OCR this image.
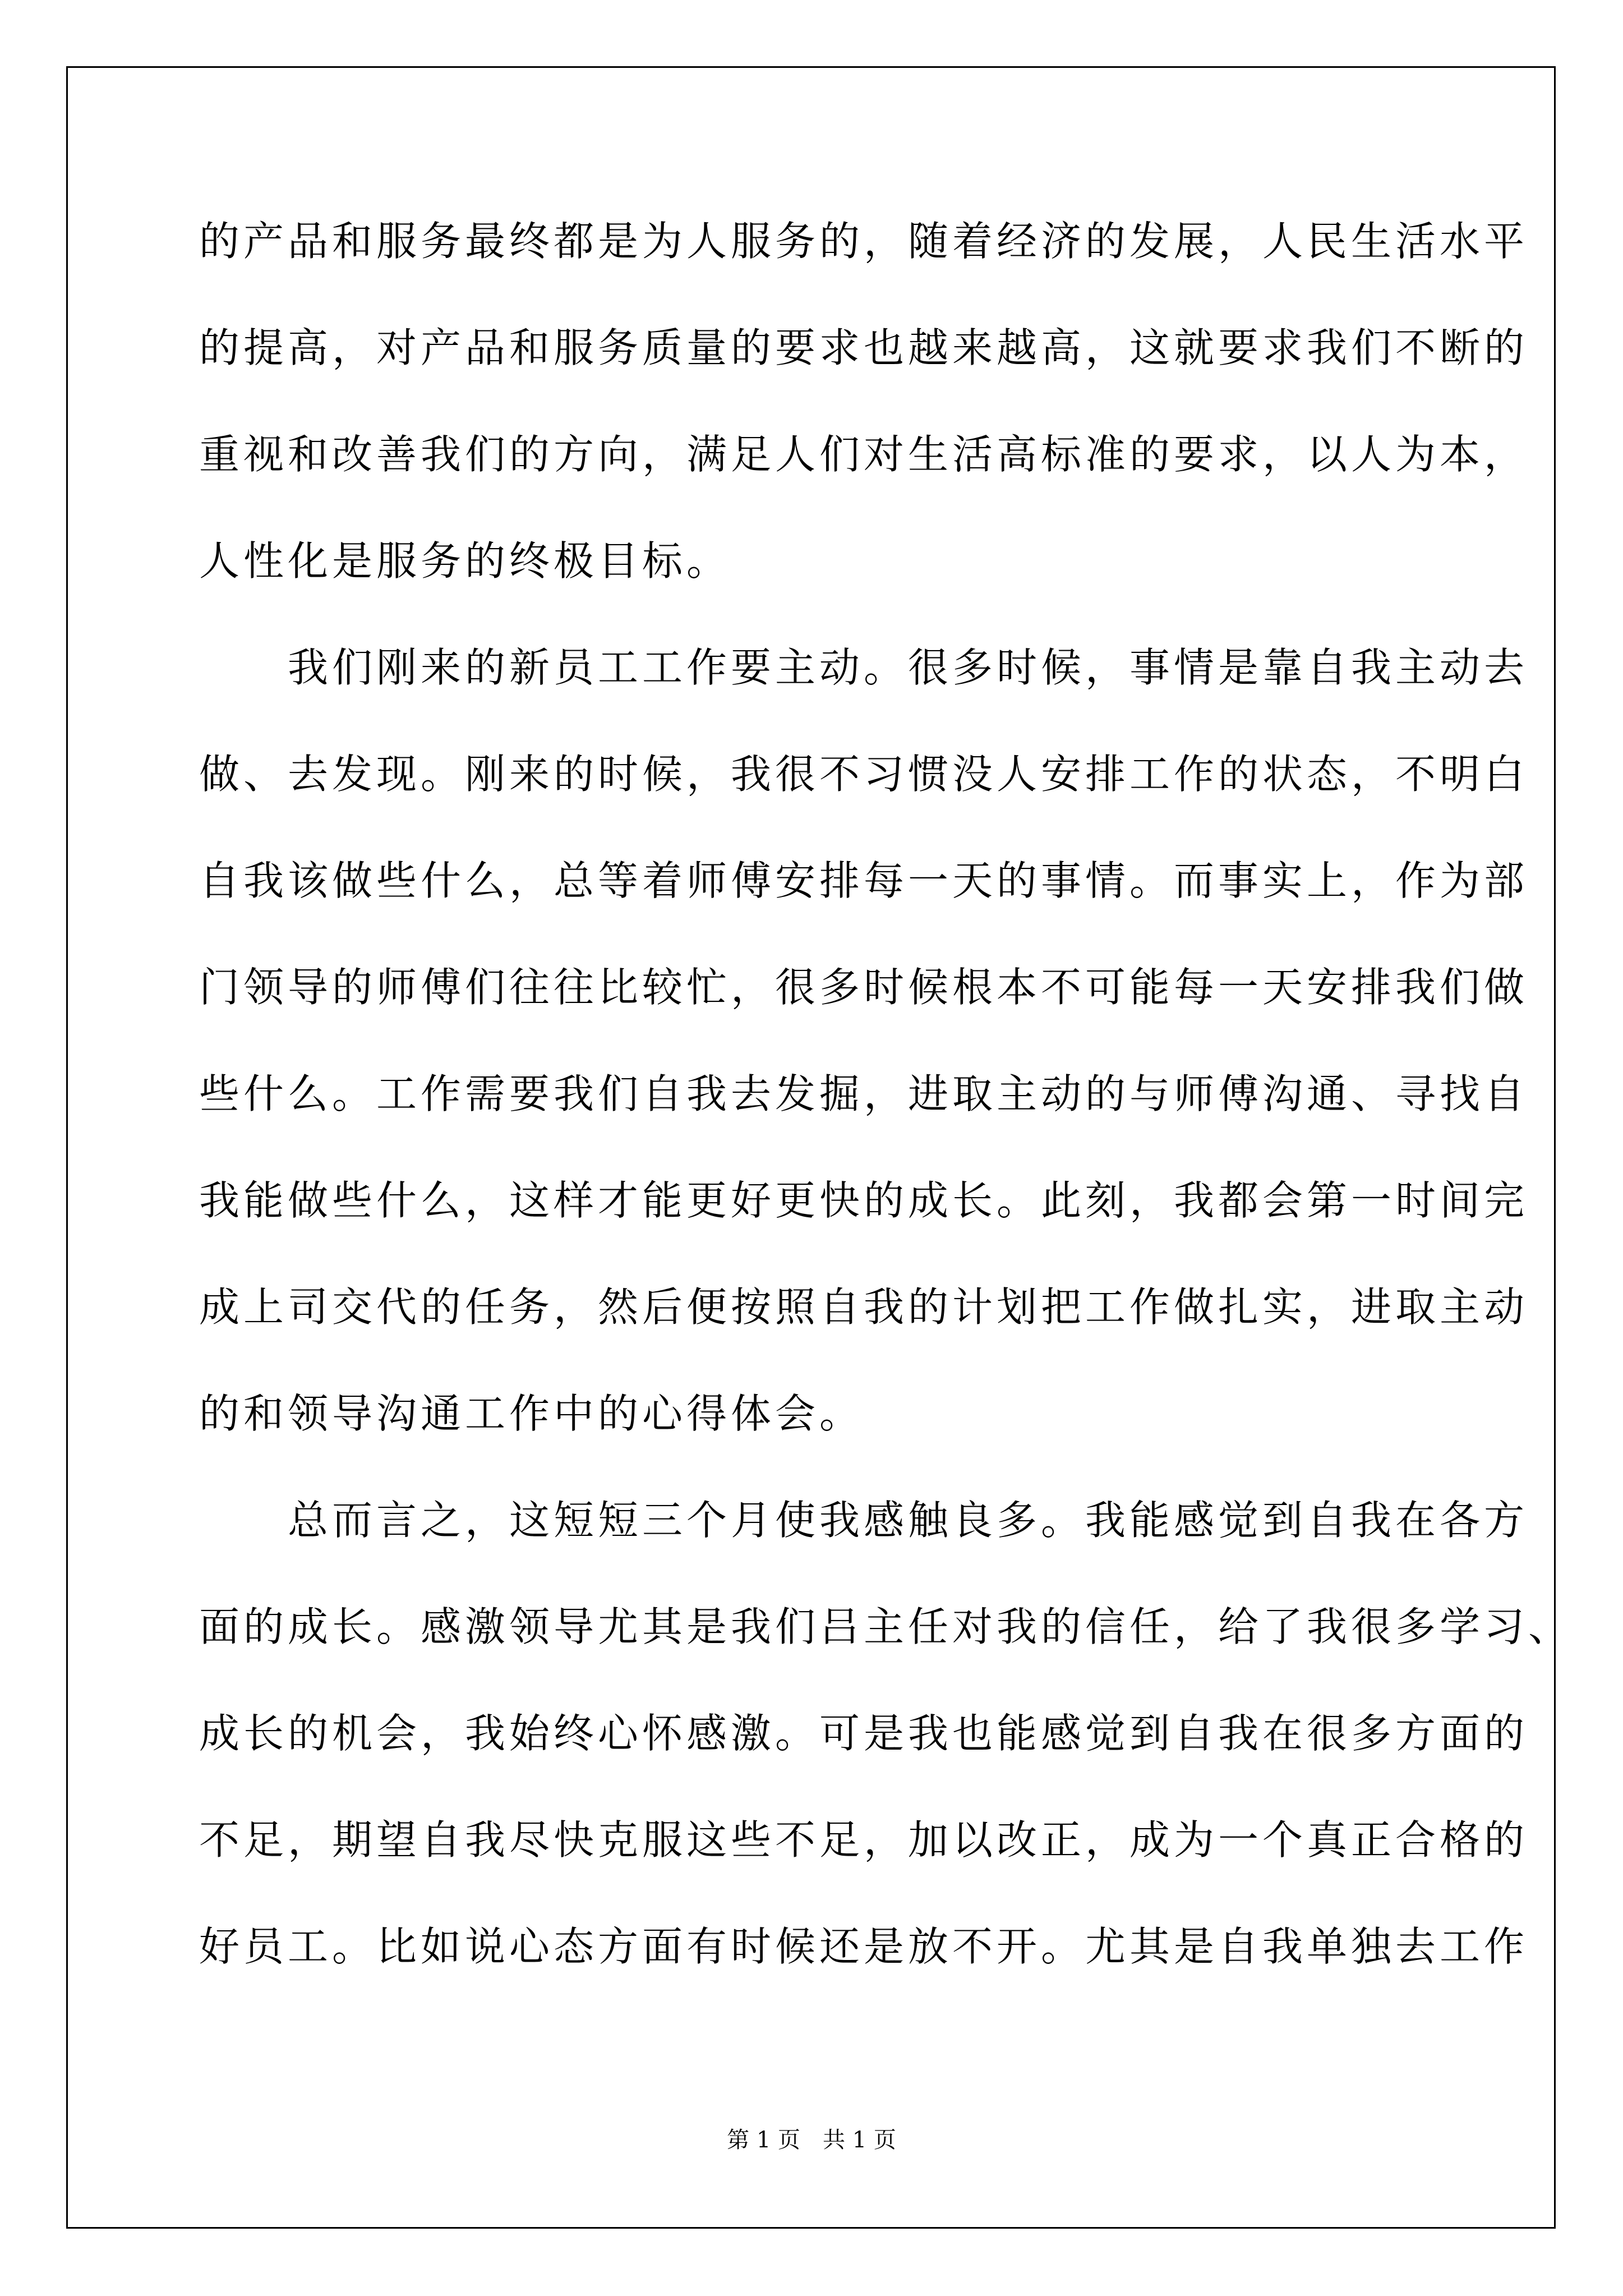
的产品和服务最终都是为人服务的，随着经济的发展，人民生活水平
的提高，对产品和服务质量的要求也越来越高，这就要求我们不断的
重视和改善我们的方向，满足人们对生活高标准的要求，以人为本，
人性化是服务的终极目标。
　　我们刚来的新员工工作要主动。很多时候，事情是靠自我主动去
做、去发现。刚来的时候，我很不习惯没人安排工作的状态，不明白
自我该做些什么，总等着师傅安排每一天的事情。而事实上，作为部
门领导的师傅们往往比较忙，很多时候根本不可能每一天安排我们做
些什么。工作需要我们自我去发掘，进取主动的与师傅沟通、寻找自
我能做些什么，这样才能更好更快的成长。此刻，我都会第一时间完
成上司交代的任务，然后便按照自我的计划把工作做扎实，进取主动
的和领导沟通工作中的心得体会。
　　总而言之，这短短三个月使我感触良多。我能感觉到自我在各方
面的成长。感激领导尤其是我们吕主任对我的信任，给了我很多学习、
成长的机会，我始终心怀感激。可是我也能感觉到自我在很多方面的
不足，期望自我尽快克服这些不足，加以改正，成为一个真正合格的
好员工。比如说心态方面有时候还是放不开。尤其是自我单独去工作
第 1 页　共 1 页
